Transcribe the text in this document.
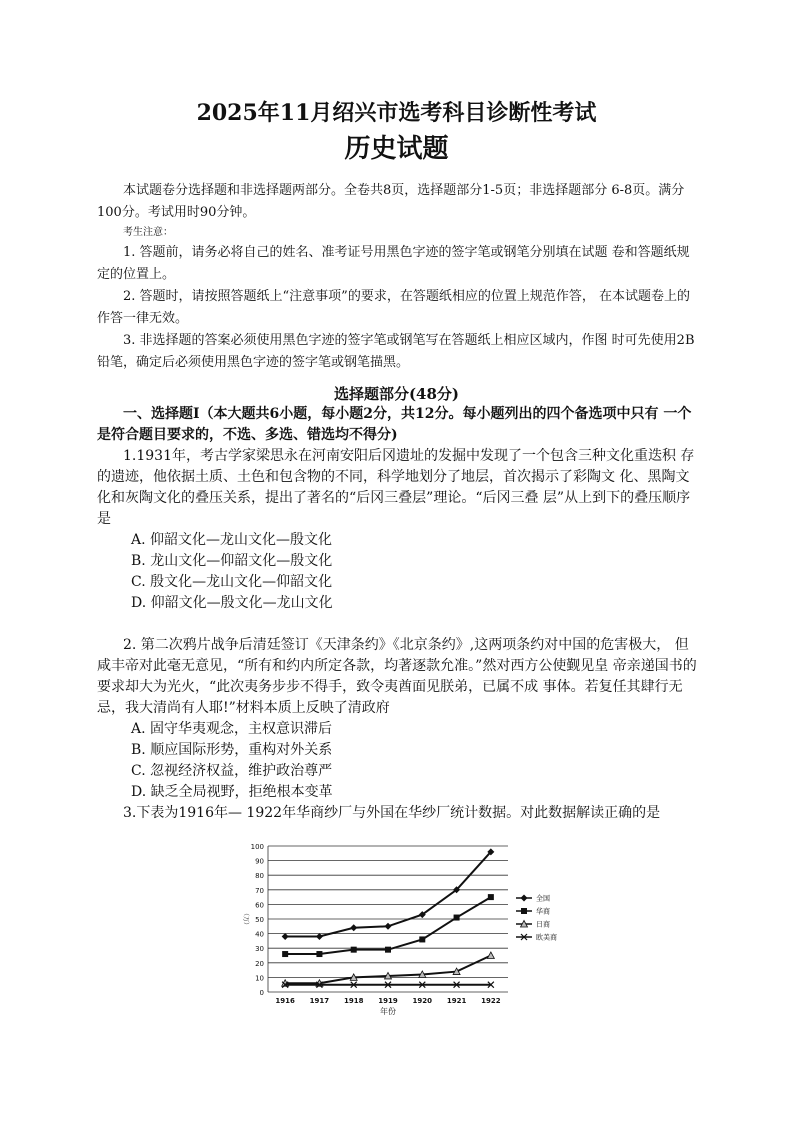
2025年11月绍兴市选考科目诊断性考试
历史试题

本试题卷分选择题和非选择题两部分。全卷共8页，选择题部分1-5页；非选择题部分 6-8页。满分100分。考试用时90分钟。

考生注意：

1. 答题前，请务必将自己的姓名、准考证号用黑色字迹的签字笔或钢笔分别填在试题 卷和答题纸规定的位置上。

2. 答题时，请按照答题纸上“注意事项”的要求，在答题纸相应的位置上规范作答， 在本试题卷上的作答一律无效。

3. 非选择题的答案必须使用黑色字迹的签字笔或钢笔写在答题纸上相应区域内，作图 时可先使用2B 铅笔，确定后必须使用黑色字迹的签字笔或钢笔描黑。

选择题部分(48分)
一、选择题Ⅰ（本大题共6小题，每小题2分，共12分。每小题列出的四个备选项中只有 一个是符合题目要求的，不选、多选、错选均不得分)

1.1931年，考古学家梁思永在河南安阳后冈遗址的发掘中发现了一个包含三种文化重迭积 存的遗迹，他依据土质、土色和包含物的不同，科学地划分了地层，首次揭示了彩陶文 化、黑陶文化和灰陶文化的叠压关系，提出了著名的“后冈三叠层”理论。“后冈三叠 层”从上到下的叠压顺序是

A. 仰韶文化—龙山文化—殷文化

B. 龙山文化—仰韶文化—殷文化

C. 殷文化—龙山文化—仰韶文化

D. 仰韶文化—殷文化—龙山文化

2. 第二次鸦片战争后清廷签订《天津条约》《北京条约》,这两项条约对中国的危害极大， 但咸丰帝对此毫无意见，“所有和约内所定各款，均著逐款允准。”然对西方公使觐见皇 帝亲递国书的要求却大为光火，“此次夷务步步不得手，致令夷酋面见朕弟，已属不成 事体。若复任其肆行无忌，我大清尚有人耶!”材料本质上反映了清政府

A. 固守华夷观念，主权意识滞后

B. 顺应国际形势，重构对外关系

C. 忽视经济权益，维护政治尊严

D. 缺乏全局视野，拒绝根本变革

3.下表为1916年— 1922年华商纱厂与外国在华纱厂统计数据。对此数据解读正确的是

0
10
20
30
40
50
60
70
80
90
100
1916 1917 1918 1919 1920 1921 1922
年份
（万）
全国
华商
日商
欧美商
